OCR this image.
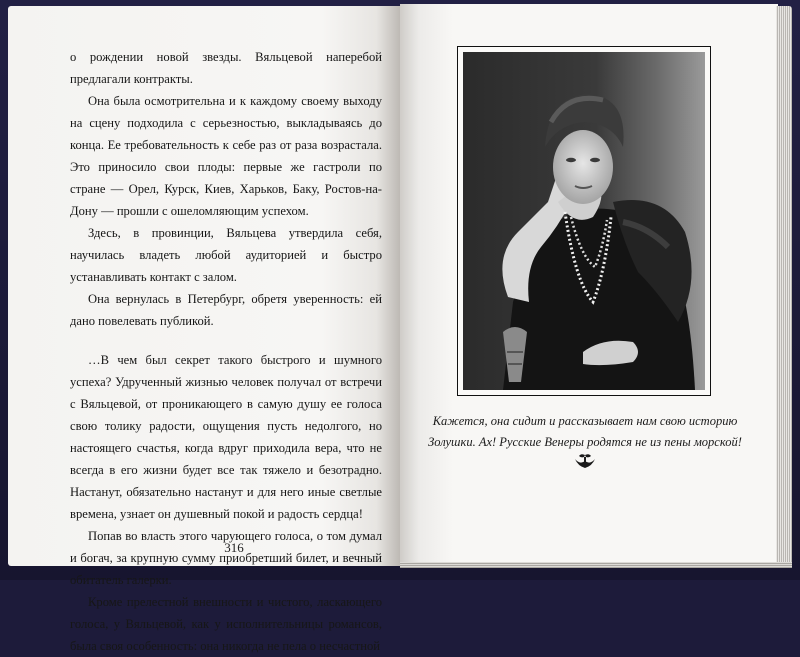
о рождении новой звезды. Вяльцевой наперебой предлагали контракты.

Она была осмотрительна и к каждому своему выходу на сцену подходила с серьезностью, выкладываясь до конца. Ее требовательность к себе раз от раза возрастала. Это приносило свои плоды: первые же гастроли по стране — Орел, Курск, Киев, Харьков, Баку, Ростов-на-Дону — прошли с ошеломляющим успехом.

Здесь, в провинции, Вяльцева утвердила себя, научилась владеть любой аудиторией и быстро устанавливать контакт с залом.

Она вернулась в Петербург, обретя уверенность: ей дано повелевать публикой.

…В чем был секрет такого быстрого и шумного успеха? Удрученный жизнью человек получал от встречи с Вяльцевой, от проникающего в самую душу ее голоса свою толику радости, ощущения пусть недолгого, но настоящего счастья, когда вдруг приходила вера, что не всегда в его жизни будет все так тяжело и безотрадно. Настанут, обязательно настанут и для него иные светлые времена, узнает он душевный покой и радость сердца!

Попав во власть этого чарующего голоса, о том думал и богач, за крупную сумму приобретший билет, и вечный обитатель галерки.

Кроме прелестной внешности и чистого, ласкающего голоса, у Вяльцевой, как у исполнительницы романсов, была своя особенность: она никогда не пела о несчастной

316
Кажется, она сидит и рассказывает нам свою историю
Золушки. Ах! Русские Венеры родятся не из пены морской!
